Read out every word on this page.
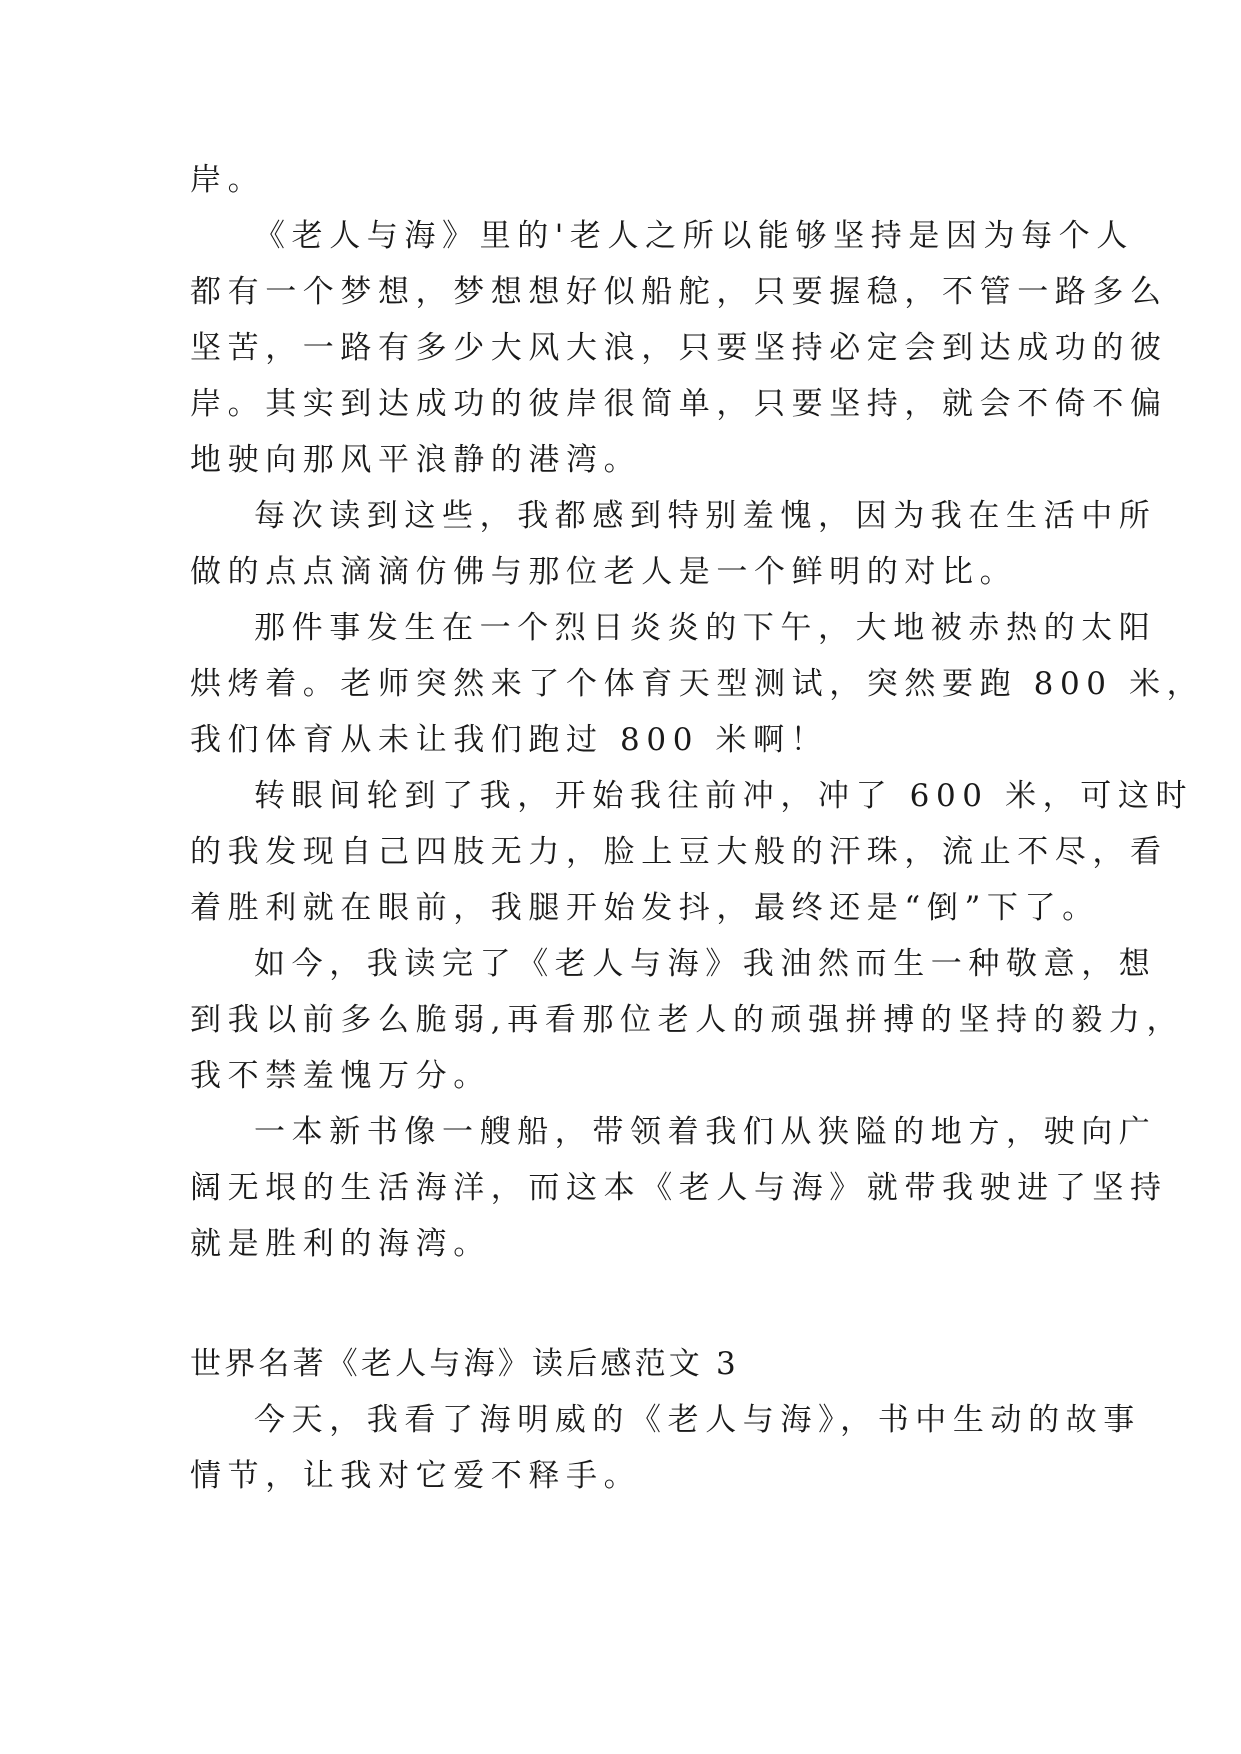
岸。
《老人与海》里的'老人之所以能够坚持是因为每个人
都有一个梦想，梦想想好似船舵，只要握稳，不管一路多么
坚苦，一路有多少大风大浪，只要坚持必定会到达成功的彼
岸。其实到达成功的彼岸很简单，只要坚持，就会不倚不偏
地驶向那风平浪静的港湾。
每次读到这些，我都感到特别羞愧，因为我在生活中所
做的点点滴滴仿佛与那位老人是一个鲜明的对比。
那件事发生在一个烈日炎炎的下午，大地被赤热的太阳
烘烤着。老师突然来了个体育天型测试，突然要跑 800 米，
我们体育从未让我们跑过 800 米啊！
转眼间轮到了我，开始我往前冲，冲了 600 米，可这时
的我发现自己四肢无力，脸上豆大般的汗珠，流止不尽，看
着胜利就在眼前，我腿开始发抖，最终还是“倒”下了。
如今，我读完了《老人与海》我油然而生一种敬意，想
到我以前多么脆弱,再看那位老人的顽强拼搏的坚持的毅力，
我不禁羞愧万分。
一本新书像一艘船，带领着我们从狭隘的地方，驶向广
阔无垠的生活海洋，而这本《老人与海》就带我驶进了坚持
就是胜利的海湾。
世界名著《老人与海》读后感范文 3
今天，我看了海明威的《老人与海》，书中生动的故事
情节，让我对它爱不释手。
